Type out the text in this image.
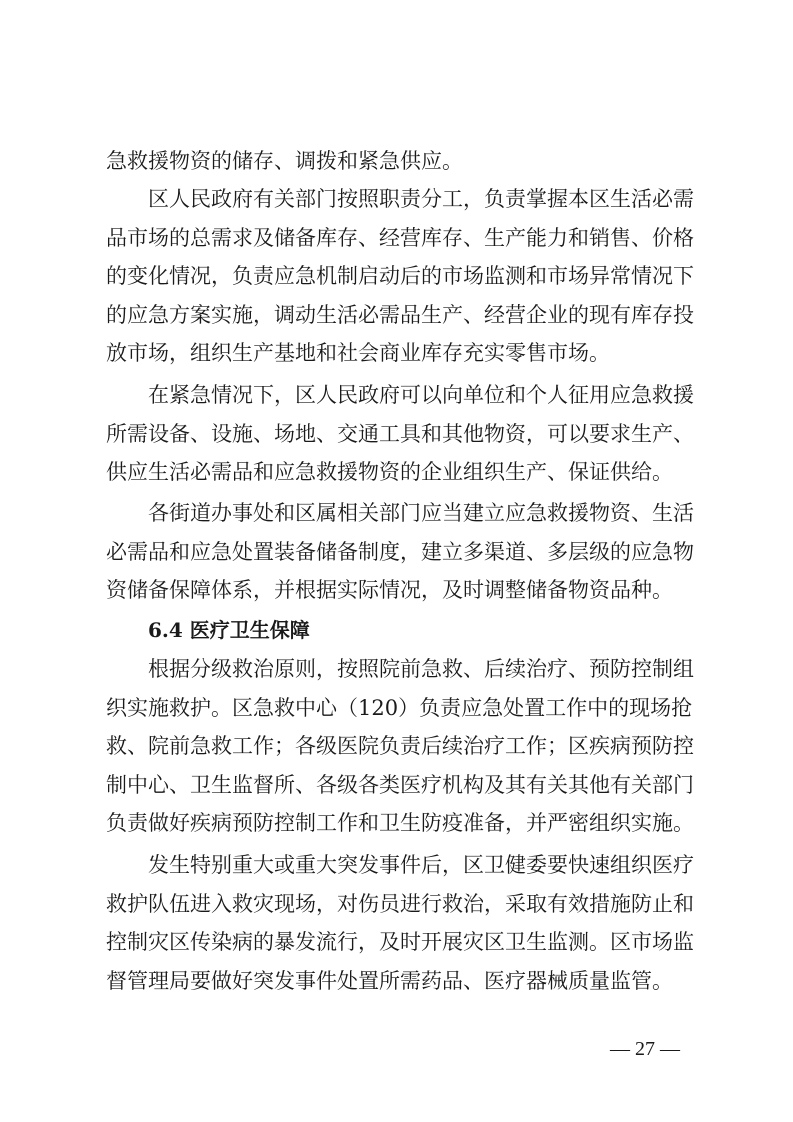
急救援物资的储存、调拨和紧急供应。
区人民政府有关部门按照职责分工，负责掌握本区生活必需
品市场的总需求及储备库存、经营库存、生产能力和销售、价格
的变化情况，负责应急机制启动后的市场监测和市场异常情况下
的应急方案实施，调动生活必需品生产、经营企业的现有库存投
放市场，组织生产基地和社会商业库存充实零售市场。
在紧急情况下，区人民政府可以向单位和个人征用应急救援
所需设备、设施、场地、交通工具和其他物资，可以要求生产、
供应生活必需品和应急救援物资的企业组织生产、保证供给。
各街道办事处和区属相关部门应当建立应急救援物资、生活
必需品和应急处置装备储备制度，建立多渠道、多层级的应急物
资储备保障体系，并根据实际情况，及时调整储备物资品种。
6.4 医疗卫生保障
根据分级救治原则，按照院前急救、后续治疗、预防控制组
织实施救护。区急救中心（120）负责应急处置工作中的现场抢
救、院前急救工作；各级医院负责后续治疗工作；区疾病预防控
制中心、卫生监督所、各级各类医疗机构及其有关其他有关部门
负责做好疾病预防控制工作和卫生防疫准备，并严密组织实施。
发生特别重大或重大突发事件后，区卫健委要快速组织医疗
救护队伍进入救灾现场，对伤员进行救治，采取有效措施防止和
控制灾区传染病的暴发流行，及时开展灾区卫生监测。区市场监
督管理局要做好突发事件处置所需药品、医疗器械质量监管。
— 27 —
